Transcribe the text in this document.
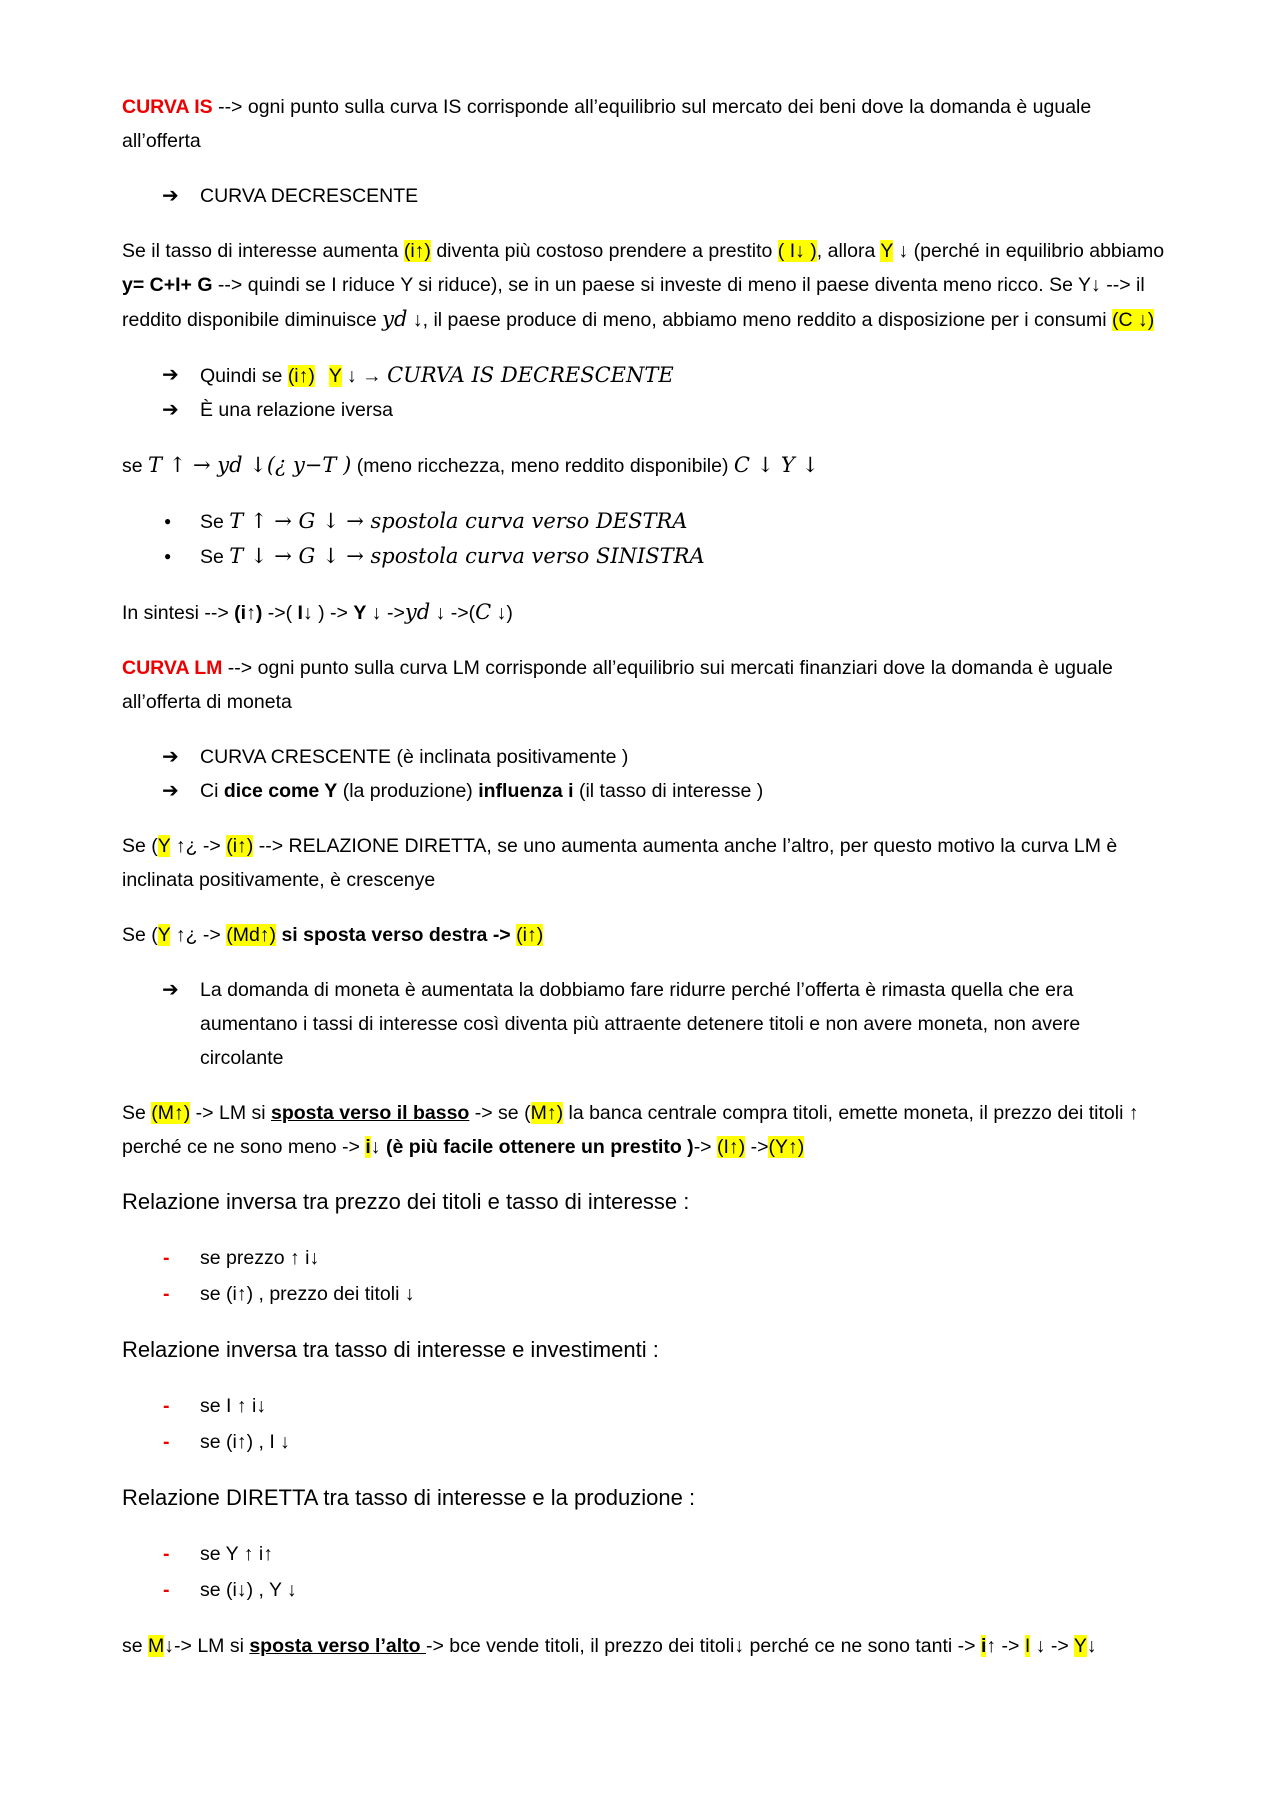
CURVA IS --> ogni punto sulla curva IS corrisponde all’equilibrio sul mercato dei beni dove la domanda è uguale all’offerta

➔ CURVA DECRESCENTE

Se il tasso di interesse aumenta (i↑) diventa più costoso prendere a prestito ( I↓ ), allora Y ↓ (perché in equilibrio abbiamo y= C+I+ G --> quindi se I riduce Y si riduce), se in un paese si investe di meno il paese diventa meno ricco. Se Y↓ --> il reddito disponibile diminuisce yd ↓, il paese produce di meno, abbiamo meno reddito a disposizione per i consumi (C ↓)

➔ Quindi se (i↑) Y ↓ → CURVA IS DECRESCENTE
➔ È una relazione iversa

se T ↑ → yd ↓(¿ y−T ) (meno ricchezza, meno reddito disponibile) C ↓ Y ↓

● Se T ↑ → G ↓ → spostola curva verso DESTRA
● Se T ↓ → G ↓ → spostola curva verso SINISTRA

In sintesi --> (i↑) ->( I↓ ) -> Y ↓ ->yd ↓ ->(C ↓)

CURVA LM --> ogni punto sulla curva LM corrisponde all’equilibrio sui mercati finanziari dove la domanda è uguale all’offerta di moneta

➔ CURVA CRESCENTE (è inclinata positivamente )
➔ Ci dice come Y (la produzione) influenza i (il tasso di interesse )

Se (Y ↑¿ -> (i↑) --> RELAZIONE DIRETTA, se uno aumenta aumenta anche l’altro, per questo motivo la curva LM è inclinata positivamente, è crescenye

Se (Y ↑¿ -> (Md↑) si sposta verso destra -> (i↑)

➔ La domanda di moneta è aumentata la dobbiamo fare ridurre perché l’offerta è rimasta quella che era aumentano i tassi di interesse così diventa più attraente detenere titoli e non avere moneta, non avere circolante

Se (M↑) -> LM si sposta verso il basso -> se (M↑) la banca centrale compra titoli, emette moneta, il prezzo dei titoli ↑ perché ce ne sono meno -> i↓ (è più facile ottenere un prestito )-> (I↑) ->(Y↑)

Relazione inversa tra prezzo dei titoli e tasso di interesse :

- se prezzo ↑ i↓
- se (i↑) , prezzo dei titoli ↓

Relazione inversa tra tasso di interesse e investimenti :

- se I ↑ i↓
- se (i↑) , I ↓

Relazione DIRETTA tra tasso di interesse e la produzione :

- se Y ↑ i↑
- se (i↓) , Y ↓

se M↓-> LM si sposta verso l’alto -> bce vende titoli, il prezzo dei titoli↓ perché ce ne sono tanti -> i↑ -> I ↓ -> Y↓
